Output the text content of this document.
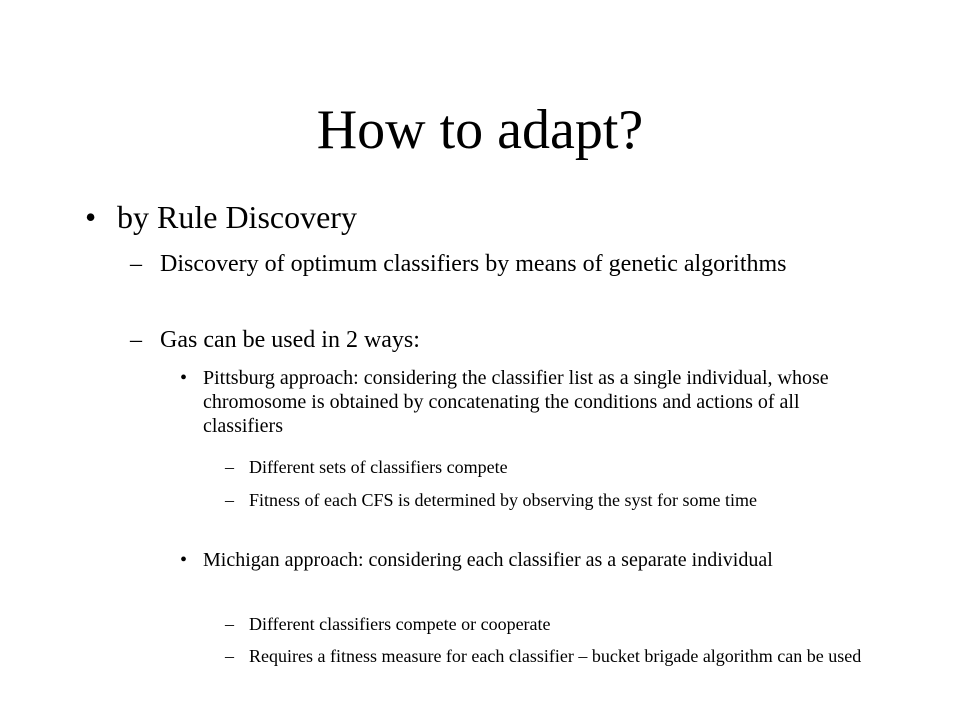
How to adapt?
• by Rule Discovery
– Discovery of optimum classifiers by means of genetic algorithms
– Gas can be used in 2 ways:
• Pittsburg approach: considering the classifier list as a single individual, whose chromosome is obtained by concatenating the conditions and actions of all classifiers
– Different sets of classifiers compete
– Fitness of each CFS is determined by observing the syst for some time
• Michigan approach: considering each classifier as a separate individual
– Different classifiers compete or cooperate
– Requires a fitness measure for each classifier – bucket brigade algorithm can be used
